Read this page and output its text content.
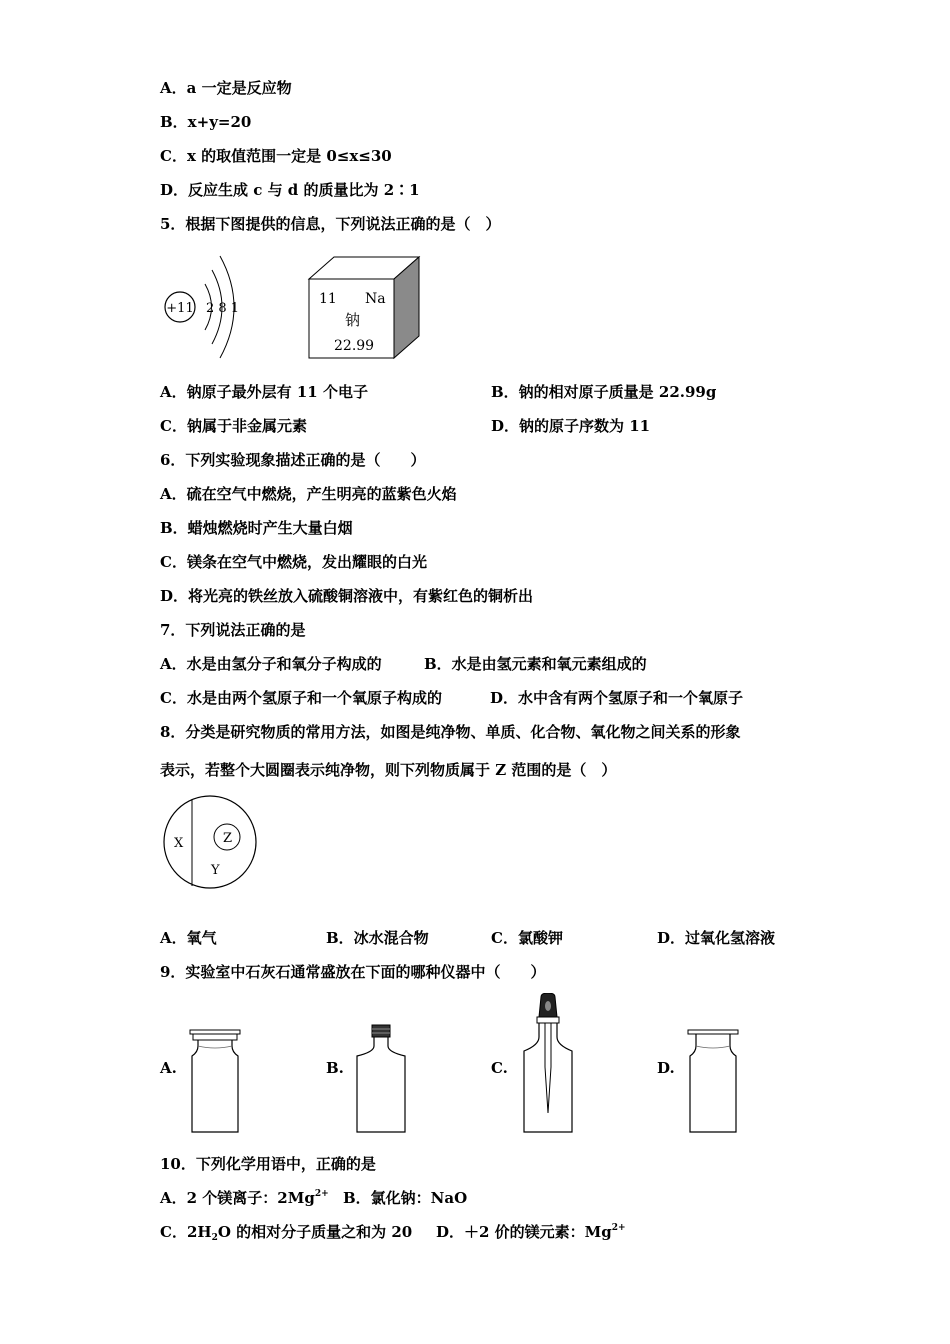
A．a 一定是反应物
B．x+y=20
C．x 的取值范围一定是 0≤x≤30
D．反应生成 c 与 d 的质量比为 2∶1
5．根据下图提供的信息，下列说法正确的是（　）
+11 2 8 1
11 Na
钠
22.99
A．钠原子最外层有 11 个电子	B．钠的相对原子质量是 22.99g
C．钠属于非金属元素	D．钠的原子序数为 11
6．下列实验现象描述正确的是（　　）
A．硫在空气中燃烧，产生明亮的蓝紫色火焰
B．蜡烛燃烧时产生大量白烟
C．镁条在空气中燃烧，发出耀眼的白光
D．将光亮的铁丝放入硫酸铜溶液中，有紫红色的铜析出
7．下列说法正确的是
A．水是由氢分子和氧分子构成的	B．水是由氢元素和氧元素组成的
C．水是由两个氢原子和一个氧原子构成的	D．水中含有两个氢原子和一个氧原子
8．分类是研究物质的常用方法，如图是纯净物、单质、化合物、氧化物之间关系的形象
表示，若整个大圆圈表示纯净物，则下列物质属于 Z 范围的是（　）
X	Z
Y
A．氧气	B．冰水混合物	C．氯酸钾	D．过氧化氢溶液
9．实验室中石灰石通常盛放在下面的哪种仪器中（　　）
A.	B.	C.	D.
10．下列化学用语中，正确的是
A．2 个镁离子：$2Mg^{2+}$ B．氯化钠：NaO
C．$2H_2O$ 的相对分子质量之和为 20 D．＋2 价的镁元素：$Mg^{2+}$
